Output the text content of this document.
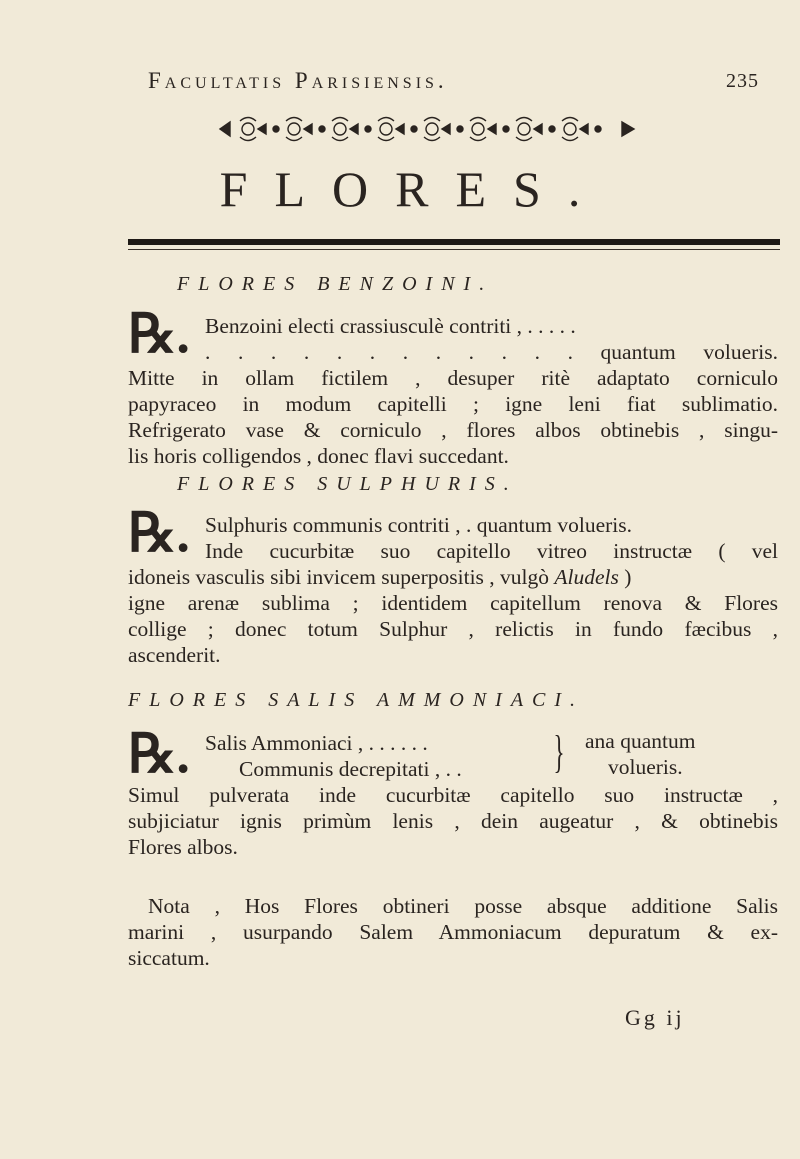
Facultatis Parisiensis.	235
FLORES.
FLORES BENZOINI.
℞. Benzoini electi crassiusculè contriti , . . . . .
. . . . . . . . . . . . quantum volueris.
Mitte in ollam fictilem , desuper ritè adaptato corniculo
papyraceo in modum capitelli ; igne leni fiat sublimatio.
Refrigerato vase & corniculo , flores albos obtinebis , singu-
lis horis colligendos , donec flavi succedant.
FLORES SULPHURIS.
℞. Sulphuris communis contriti , . quantum volueris.
Inde cucurbitæ suo capitello vitreo instructæ ( vel
idoneis vasculis sibi invicem superpositis , vulgò Aludels )
igne arenæ sublima ; identidem capitellum renova & Flores
collige ; donec totum Sulphur , relictis in fundo fæcibus ,
ascenderit.
FLORES SALIS AMMONIACI.
℞. Salis Ammoniaci , . . . . . .
Communis decrepitati , . . } ana quantum
volueris.
Simul pulverata inde cucurbitæ capitello suo instructæ ,
subjiciatur ignis primùm lenis , dein augeatur , & obtinebis
Flores albos.
Nota , Hos Flores obtineri posse absque additione Salis
marini , usurpando Salem Ammoniacum depuratum & ex-
siccatum.
Gg ij
